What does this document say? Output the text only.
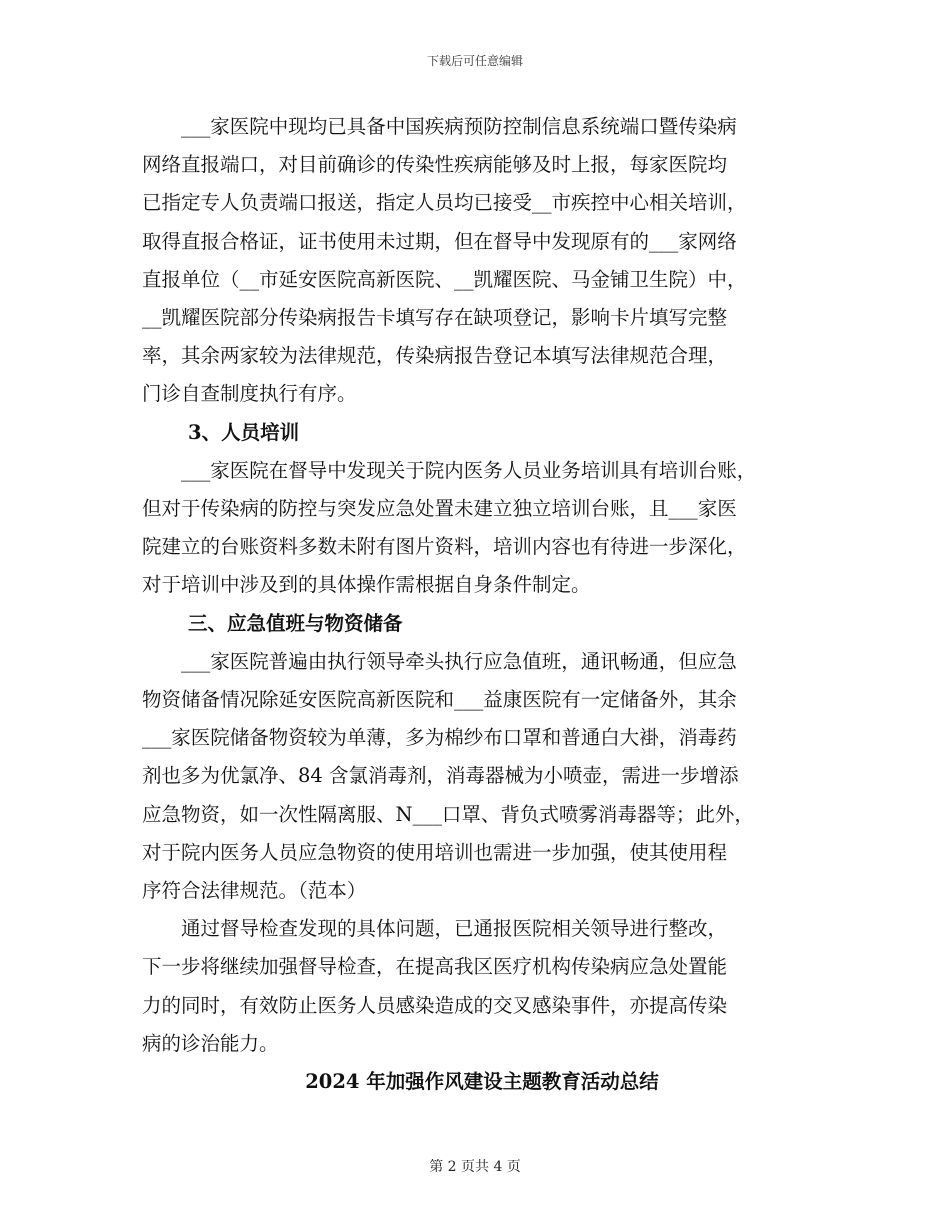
下载后可任意编辑
　　___家医院中现均已具备中国疾病预防控制信息系统端口暨传染病
网络直报端口，对目前确诊的传染性疾病能够及时上报，每家医院均
已指定专人负责端口报送，指定人员均已接受__市疾控中心相关培训，
取得直报合格证，证书使用未过期，但在督导中发现原有的___家网络
直报单位（__市延安医院高新医院、__凯耀医院、马金铺卫生院）中，
__凯耀医院部分传染病报告卡填写存在缺项登记，影响卡片填写完整
率，其余两家较为法律规范，传染病报告登记本填写法律规范合理，
门诊自查制度执行有序。
3、人员培训
　　___家医院在督导中发现关于院内医务人员业务培训具有培训台账，
但对于传染病的防控与突发应急处置未建立独立培训台账，且___家医
院建立的台账资料多数未附有图片资料，培训内容也有待进一步深化，
对于培训中涉及到的具体操作需根据自身条件制定。
三、应急值班与物资储备
　　___家医院普遍由执行领导牵头执行应急值班，通讯畅通，但应急
物资储备情况除延安医院高新医院和___益康医院有一定储备外，其余
___家医院储备物资较为单薄，多为棉纱布口罩和普通白大褂，消毒药
剂也多为优氯净、84 含氯消毒剂，消毒器械为小喷壶，需进一步增添
应急物资，如一次性隔离服、N___口罩、背负式喷雾消毒器等；此外，
对于院内医务人员应急物资的使用培训也需进一步加强，使其使用程
序符合法律规范。（范本）
　　通过督导检查发现的具体问题，已通报医院相关领导进行整改，
下一步将继续加强督导检查，在提高我区医疗机构传染病应急处置能
力的同时，有效防止医务人员感染造成的交叉感染事件，亦提高传染
病的诊治能力。
2024 年加强作风建设主题教育活动总结
第 2 页共 4 页
